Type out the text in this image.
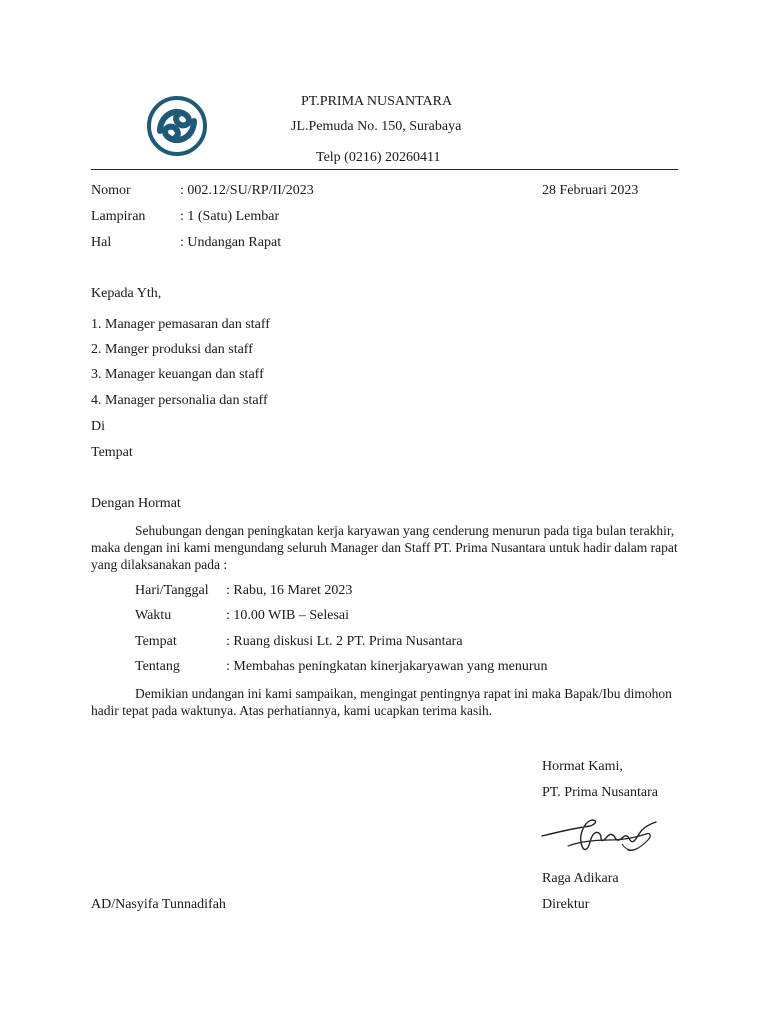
PT.PRIMA NUSANTARA
JL.Pemuda No. 150, Surabaya
Telp (0216) 20260411
Nomor	: 002.12/SU/RP/II/2023	28 Februari 2023
Lampiran : 1 (Satu) Lembar
Hal	: Undangan Rapat
Kepada Yth,
1. Manager pemasaran dan staff
2. Manger produksi dan staff
3. Manager keuangan dan staff
4. Manager personalia dan staff
Di
Tempat
Dengan Hormat
Sehubungan dengan peningkatan kerja karyawan yang cenderung menurun pada tiga bulan terakhir, maka dengan ini kami mengundang seluruh Manager dan Staff PT. Prima Nusantara untuk hadir dalam rapat yang dilaksanakan pada :
Hari/Tanggal : Rabu, 16 Maret 2023
Waktu	: 10.00 WIB – Selesai
Tempat	: Ruang diskusi Lt. 2 PT. Prima Nusantara
Tentang	: Membahas peningkatan kinerjakaryawan yang menurun
Demikian undangan ini kami sampaikan, mengingat pentingnya rapat ini maka Bapak/Ibu dimohon hadir tepat pada waktunya. Atas perhatiannya, kami ucapkan terima kasih.
Hormat Kami,
PT. Prima Nusantara
Raga Adikara
Direktur
AD/Nasyifa Tunnadifah
